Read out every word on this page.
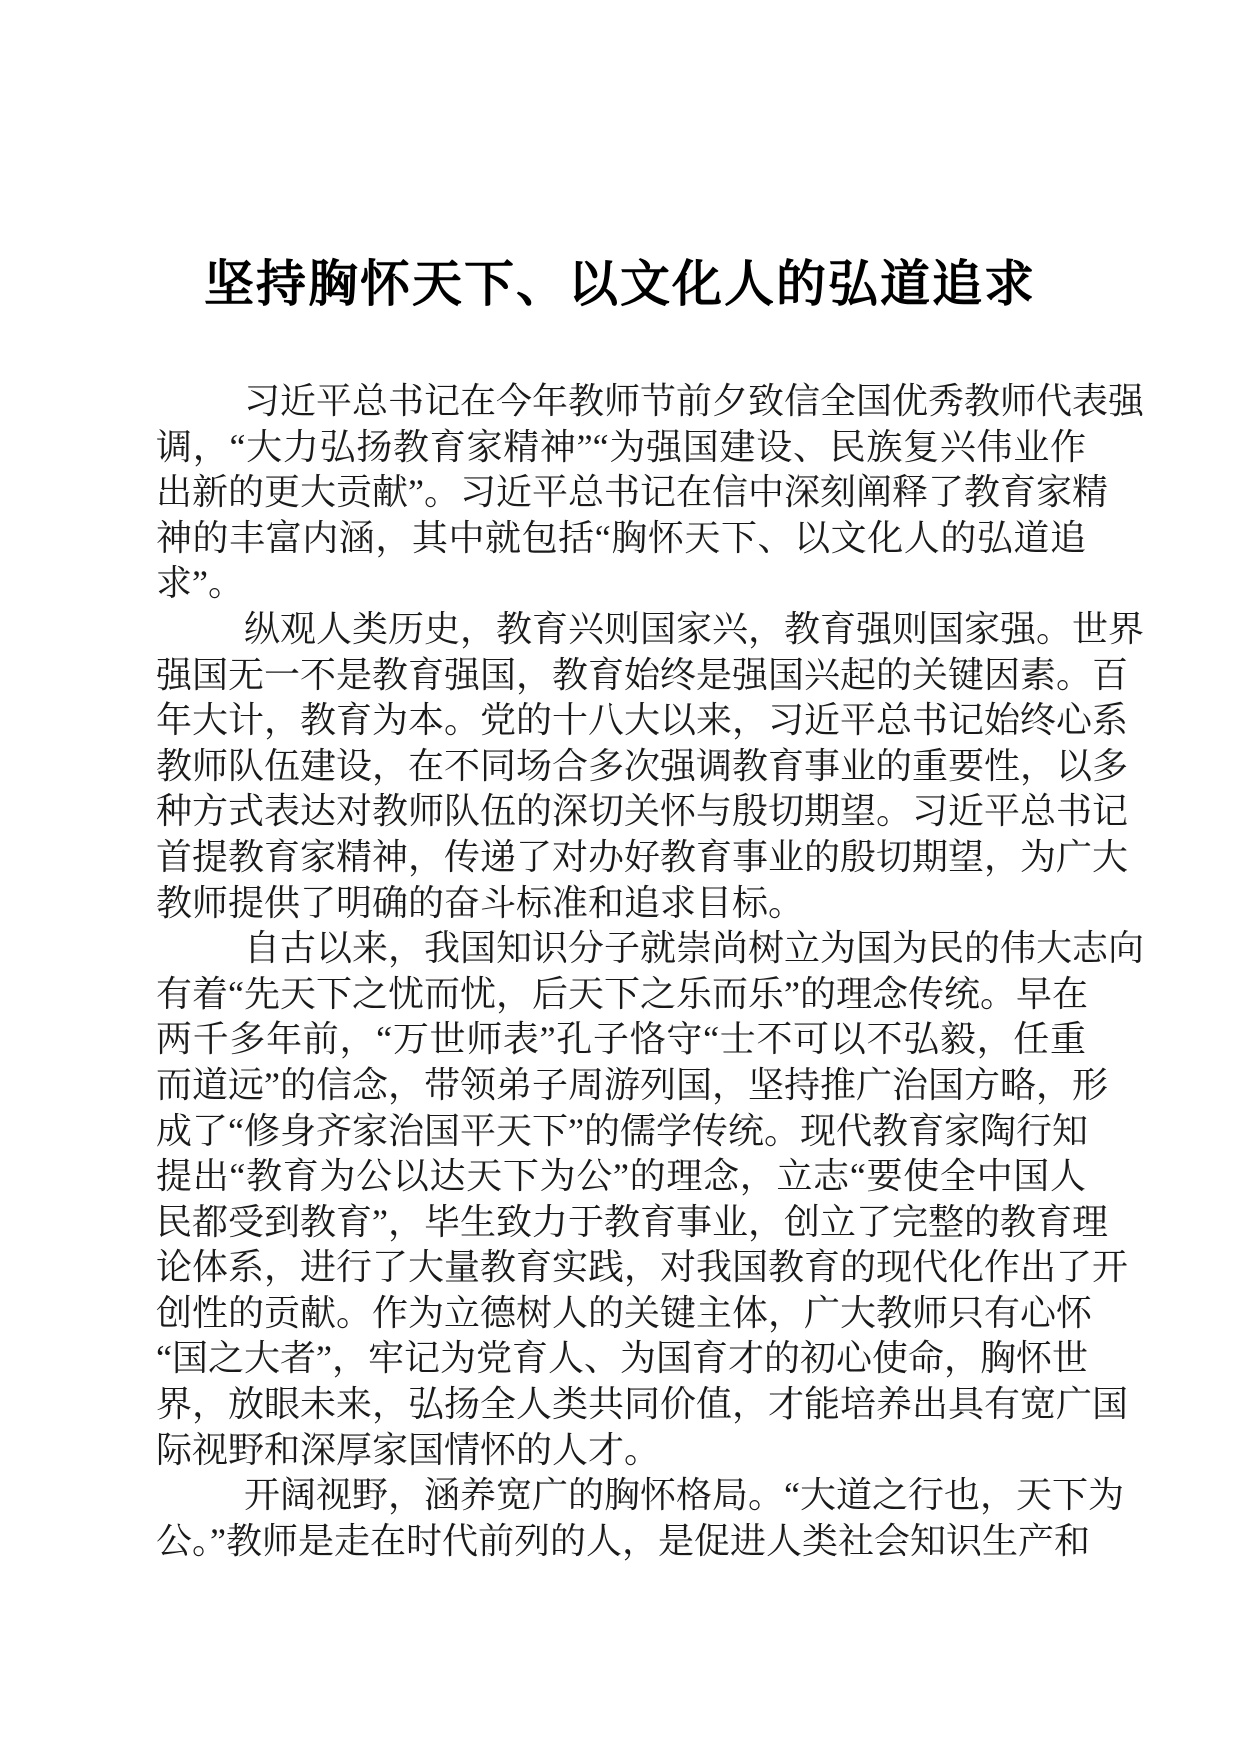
坚持胸怀天下、以文化人的弘道追求
习近平总书记在今年教师节前夕致信全国优秀教师代表强
调，“大力弘扬教育家精神”“为强国建设、民族复兴伟业作
出新的更大贡献”。习近平总书记在信中深刻阐释了教育家精
神的丰富内涵，其中就包括“胸怀天下、以文化人的弘道追
求”。
纵观人类历史，教育兴则国家兴，教育强则国家强。世界
强国无一不是教育强国，教育始终是强国兴起的关键因素。百
年大计，教育为本。党的十八大以来，习近平总书记始终心系
教师队伍建设，在不同场合多次强调教育事业的重要性，以多
种方式表达对教师队伍的深切关怀与殷切期望。习近平总书记
首提教育家精神，传递了对办好教育事业的殷切期望，为广大
教师提供了明确的奋斗标准和追求目标。
自古以来，我国知识分子就崇尚树立为国为民的伟大志向
有着“先天下之忧而忧，后天下之乐而乐”的理念传统。早在
两千多年前，“万世师表”孔子恪守“士不可以不弘毅，任重
而道远”的信念，带领弟子周游列国，坚持推广治国方略，形
成了“修身齐家治国平天下”的儒学传统。现代教育家陶行知
提出“教育为公以达天下为公”的理念，立志“要使全中国人
民都受到教育”，毕生致力于教育事业，创立了完整的教育理
论体系，进行了大量教育实践，对我国教育的现代化作出了开
创性的贡献。作为立德树人的关键主体，广大教师只有心怀
“国之大者”，牢记为党育人、为国育才的初心使命，胸怀世
界，放眼未来，弘扬全人类共同价值，才能培养出具有宽广国
际视野和深厚家国情怀的人才。
开阔视野，涵养宽广的胸怀格局。“大道之行也，天下为
公。”教师是走在时代前列的人，是促进人类社会知识生产和
